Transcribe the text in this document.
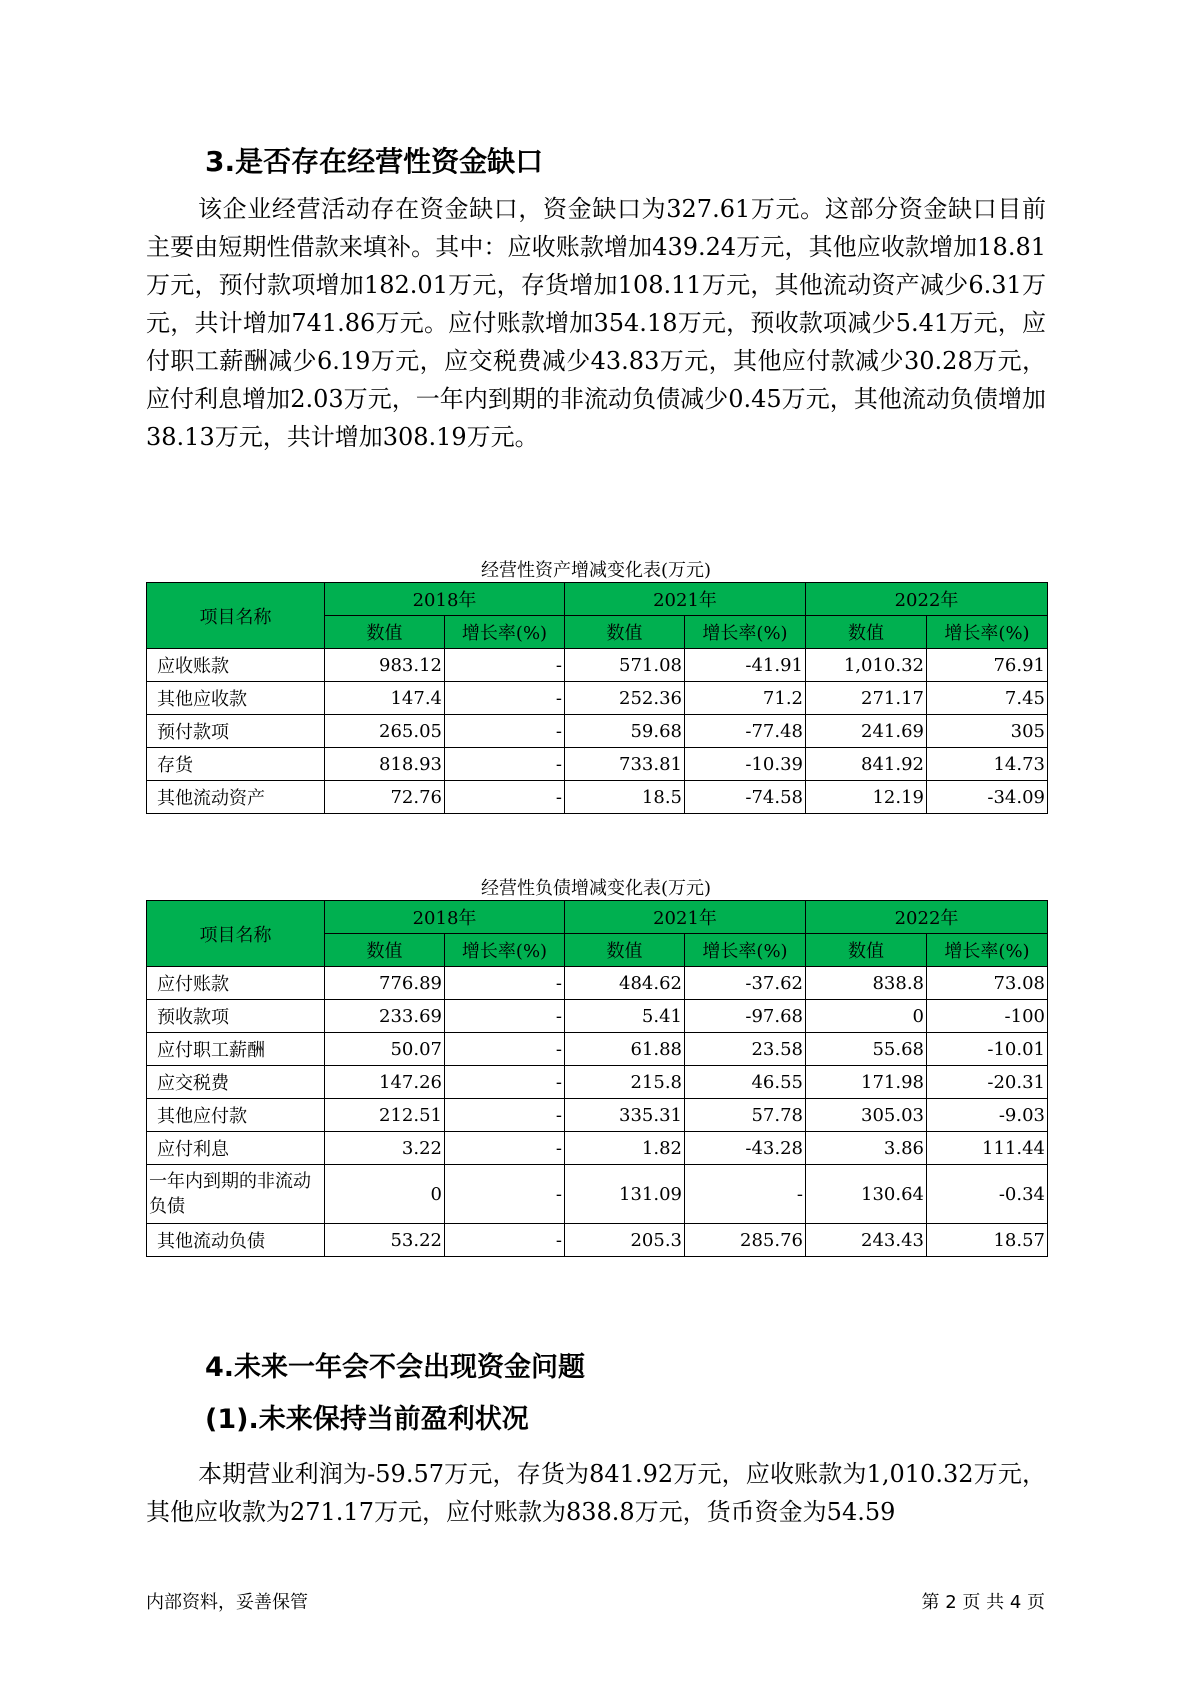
3.是否存在经营性资金缺口

该企业经营活动存在资金缺口，资金缺口为327.61万元。这部分资金缺口目前主要由短期性借款来填补。其中：应收账款增加439.24万元，其他应收款增加18.81万元，预付款项增加182.01万元，存货增加108.11万元，其他流动资产减少6.31万元，共计增加741.86万元。应付账款增加354.18万元，预收款项减少5.41万元，应付职工薪酬减少6.19万元，应交税费减少43.83万元，其他应付款减少30.28万元，应付利息增加2.03万元，一年内到期的非流动负债减少0.45万元，其他流动负债增加38.13万元，共计增加308.19万元。

经营性资产增减变化表(万元)
项目名称	2018年		2021年		2022年	
	数值	增长率(%)	数值	增长率(%)	数值	增长率(%)
应收账款	983.12	-	571.08	-41.91	1,010.32	76.91
其他应收款	147.4	-	252.36	71.2	271.17	7.45
预付款项	265.05	-	59.68	-77.48	241.69	305
存货	818.93	-	733.81	-10.39	841.92	14.73
其他流动资产	72.76	-	18.5	-74.58	12.19	-34.09
经营性负债增减变化表(万元)
项目名称	2018年		2021年		2022年	
	数值	增长率(%)	数值	增长率(%)	数值	增长率(%)
应付账款	776.89	-	484.62	-37.62	838.8	73.08
预收款项	233.69	-	5.41	-97.68	0	-100
应付职工薪酬	50.07	-	61.88	23.58	55.68	-10.01
应交税费	147.26	-	215.8	46.55	171.98	-20.31
其他应付款	212.51	-	335.31	57.78	305.03	-9.03
应付利息	3.22	-	1.82	-43.28	3.86	111.44
一年内到期的非流动负债	0	-	131.09	-	130.64	-0.34
其他流动负债	53.22	-	205.3	285.76	243.43	18.57
4.未来一年会不会出现资金问题
(1).未来保持当前盈利状况

本期营业利润为-59.57万元，存货为841.92万元，应收账款为1,010.32万元，其他应收款为271.17万元，应付账款为838.8万元，货币资金为54.59

内部资料，妥善保管	第 2 页 共 4 页
